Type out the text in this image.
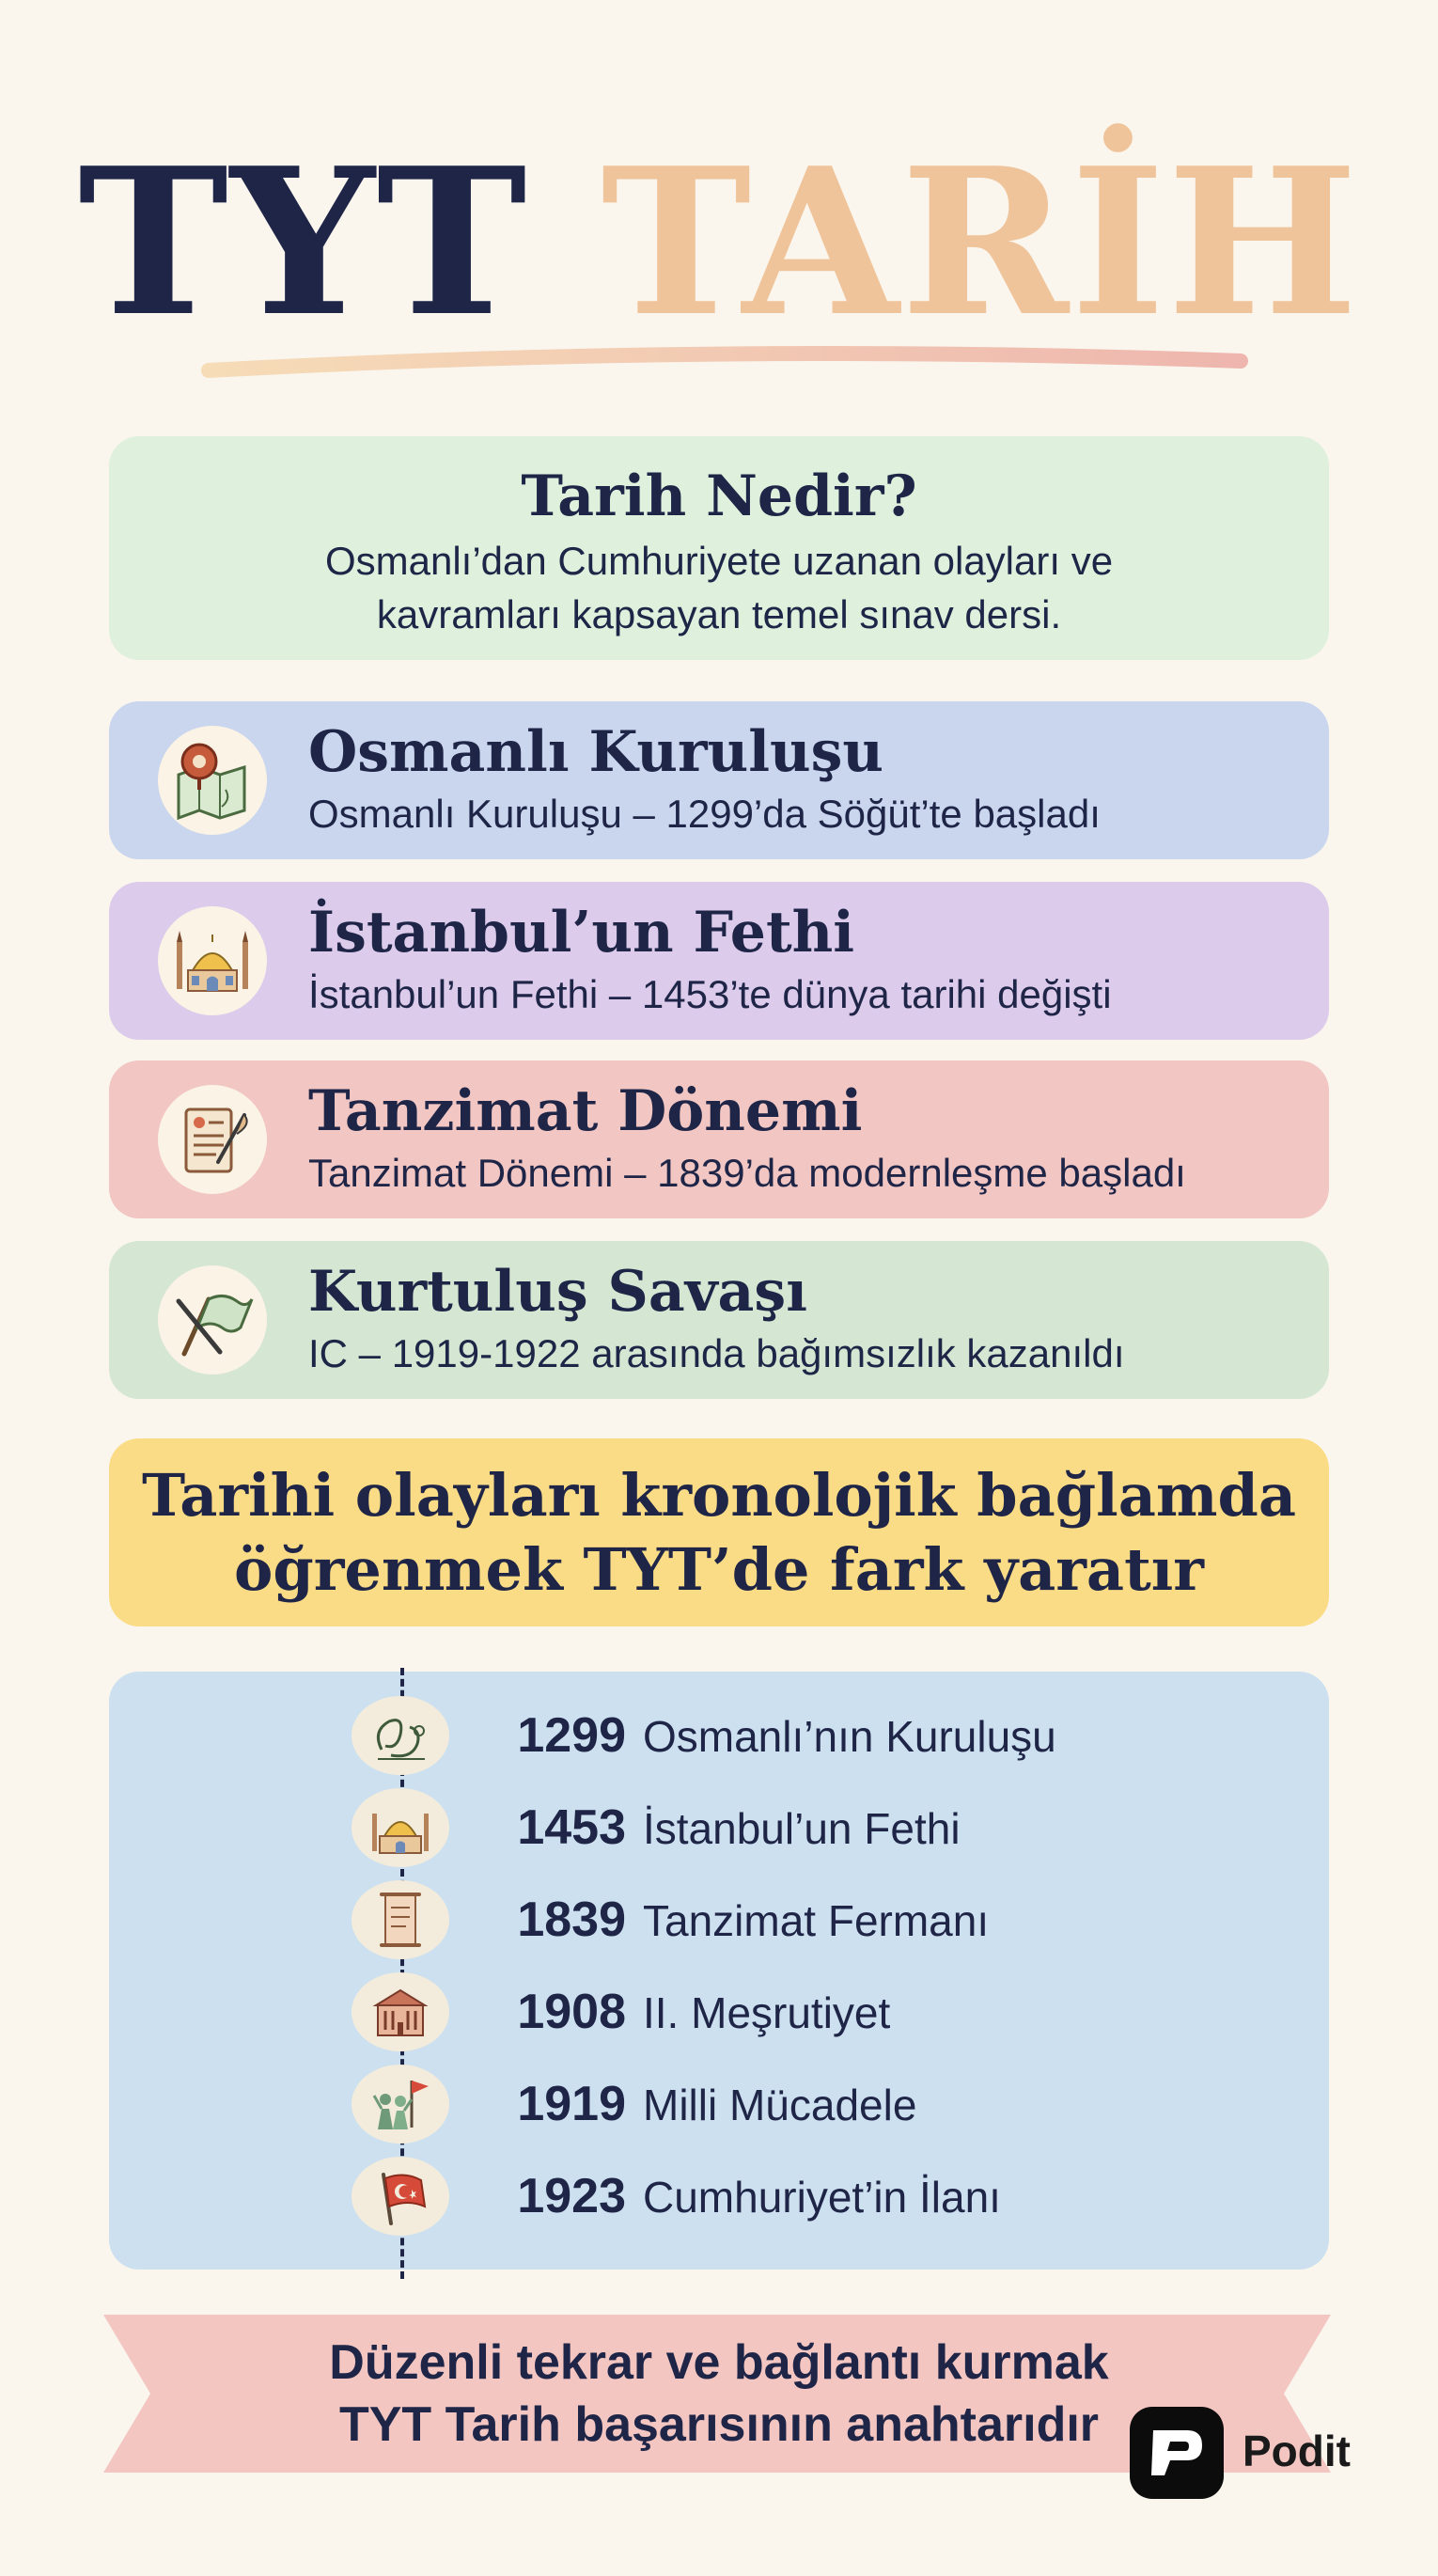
TYT TARİH
Tarih Nedir?

Osmanlı’dan Cumhuriyete uzanan olayları ve

kavramları kapsayan temel sınav dersi.

Osmanlı Kuruluşu

Osmanlı Kuruluşu – 1299’da Söğüt’te başladı

İstanbul’un Fethi

İstanbul’un Fethi – 1453’te dünya tarihi değişti

Tanzimat Dönemi

Tanzimat Dönemi – 1839’da modernleşme başladı

Kurtuluş Savaşı

IC – 1919-1922 arasında bağımsızlık kazanıldı

Tarihi olayları kronolojik bağlamda

öğrenmek TYT’de fark yaratır

1299 Osmanlı’nın Kuruluşu
1453 İstanbul’un Fethi
1839 Tanzimat Fermanı
1908 II. Meşrutiyet
1919 Milli Mücadele
1923 Cumhuriyet’in İlanı
Düzenli tekrar ve bağlantı kurmak
TYT Tarih başarısının anahtarıdır	Podit
